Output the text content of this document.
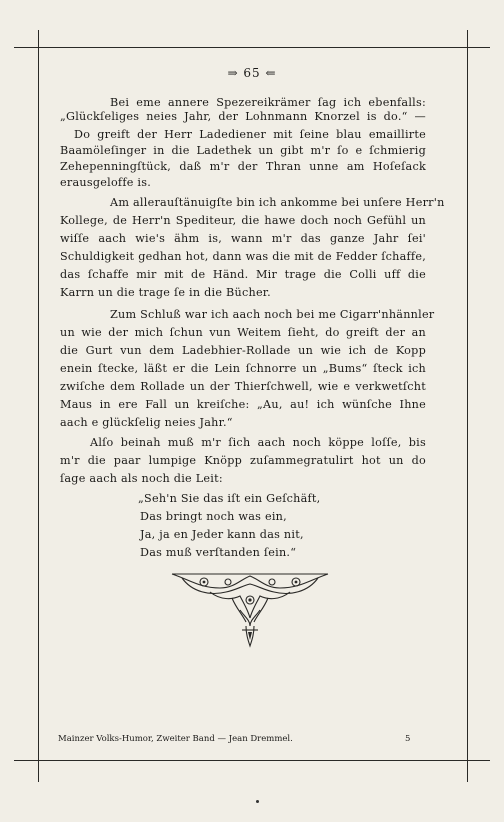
⇒ 65 ⇐
Bei eme annere Spezereikrämer ſag ich ebenfalls:
„Glückſeliges neies Jahr, der Lohnmann Knorzel is do.“ —
Do greift der Herr Ladediener mit ſeine blau emaillirte
Baamöleſinger in die Ladethek un gibt m'r ſo e ſchmierig
Zehepenningſtück, daß m'r der Thran unne am Hoſeſack
erausgeloffe is.
Am allerauſtänuigſte bin ich ankomme bei unſere Herr'n
Kollege, de Herr'n Spediteur, die hawe doch noch Gefühl un
wiſſe aach wie's ähm is, wann m'r das ganze Jahr ſei'
Schuldigkeit gedhan hot, dann was die mit de Fedder ſchaffe,
das ſchaffe mir mit de Händ. Mir trage die Colli uff die
Karrn un die trage ſe in die Bücher.
Zum Schluß war ich aach noch bei me Cigarr'nhännler
un wie der mich ſchun vun Weitem ſieht, do greift der an
die Gurt vun dem Ladebhier-Rollade un wie ich de Kopp
enein ſtecke, läßt er die Lein ſchnorre un „Bums“ ſteck ich
zwiſche dem Rollade un der Thierſchwell, wie e verkwetſcht
Maus in ere Fall un kreiſche: „Au, au! ich wünſche Ihne
aach e glückſelig neies Jahr.“
Alſo beinah muß m'r ſich aach noch köppe loſſe, bis
m'r die paar lumpige Knöpp zuſammegratulirt hot un do
ſage aach als noch die Leit:
„Seh'n Sie das iſt ein Geſchäft,
Das bringt noch was ein,
Ja, ja en Jeder kann das nit,
Das muß verſtanden ſein.“
Mainzer Volks-Humor, Zweiter Band — Jean Dremmel.	5
